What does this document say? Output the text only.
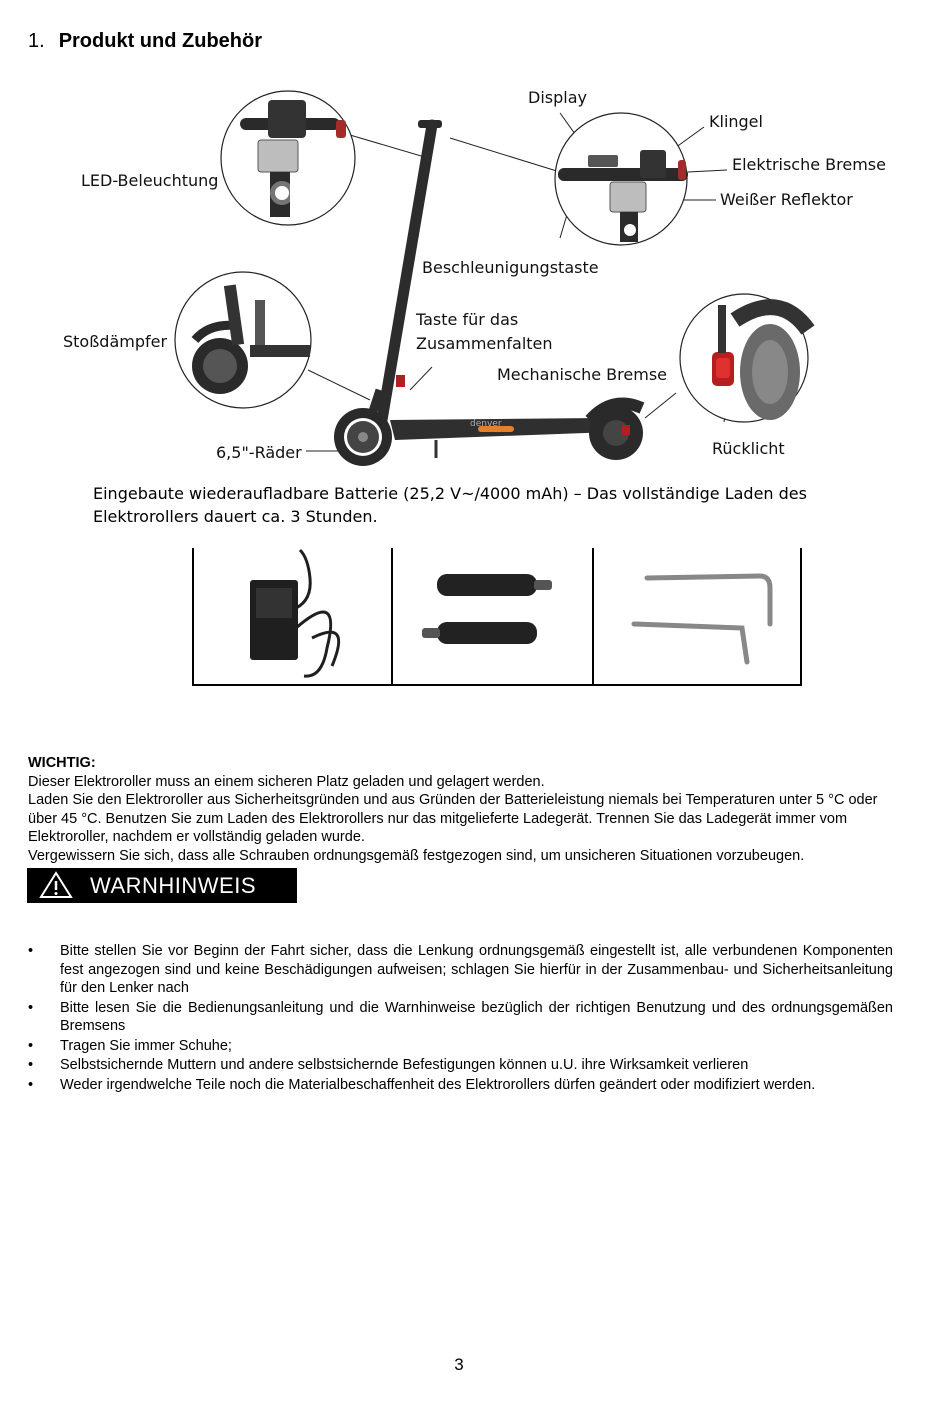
1. Produkt und Zubehör
denver
Display
Klingel
Elektrische Bremse
Weißer Reflektor
LED-Beleuchtung
Beschleunigungstaste
Stoßdämpfer
Taste für das
Zusammenfalten
Mechanische Bremse
6,5"-Räder	Rücklicht
Eingebaute wiederaufladbare Batterie (25,2 V~/4000 mAh) – Das vollständige Laden des Elektrorollers dauert ca. 3 Stunden.
WICHTIG:
Dieser Elektroroller muss an einem sicheren Platz geladen und gelagert werden.
Laden Sie den Elektroroller aus Sicherheitsgründen und aus Gründen der Batterieleistung niemals bei Temperaturen unter 5 °C oder über 45 °C. Benutzen Sie zum Laden des Elektrorollers nur das mitgelieferte Ladegerät. Trennen Sie das Ladegerät immer vom Elektroroller, nachdem er vollständig geladen wurde.
Vergewissern Sie sich, dass alle Schrauben ordnungsgemäß festgezogen sind, um unsicheren Situationen vorzubeugen.
WARNHINWEIS
• Bitte stellen Sie vor Beginn der Fahrt sicher, dass die Lenkung ordnungsgemäß eingestellt ist, alle verbundenen Komponenten fest angezogen sind und keine Beschädigungen aufweisen; schlagen Sie hierfür in der Zusammenbau- und Sicherheitsanleitung für den Lenker nach
• Bitte lesen Sie die Bedienungsanleitung und die Warnhinweise bezüglich der richtigen Benutzung und des ordnungsgemäßen Bremsens
• Tragen Sie immer Schuhe;
• Selbstsichernde Muttern und andere selbstsichernde Befestigungen können u.U. ihre Wirksamkeit verlieren
• Weder irgendwelche Teile noch die Materialbeschaffenheit des Elektrorollers dürfen geändert oder modifiziert werden.
3
